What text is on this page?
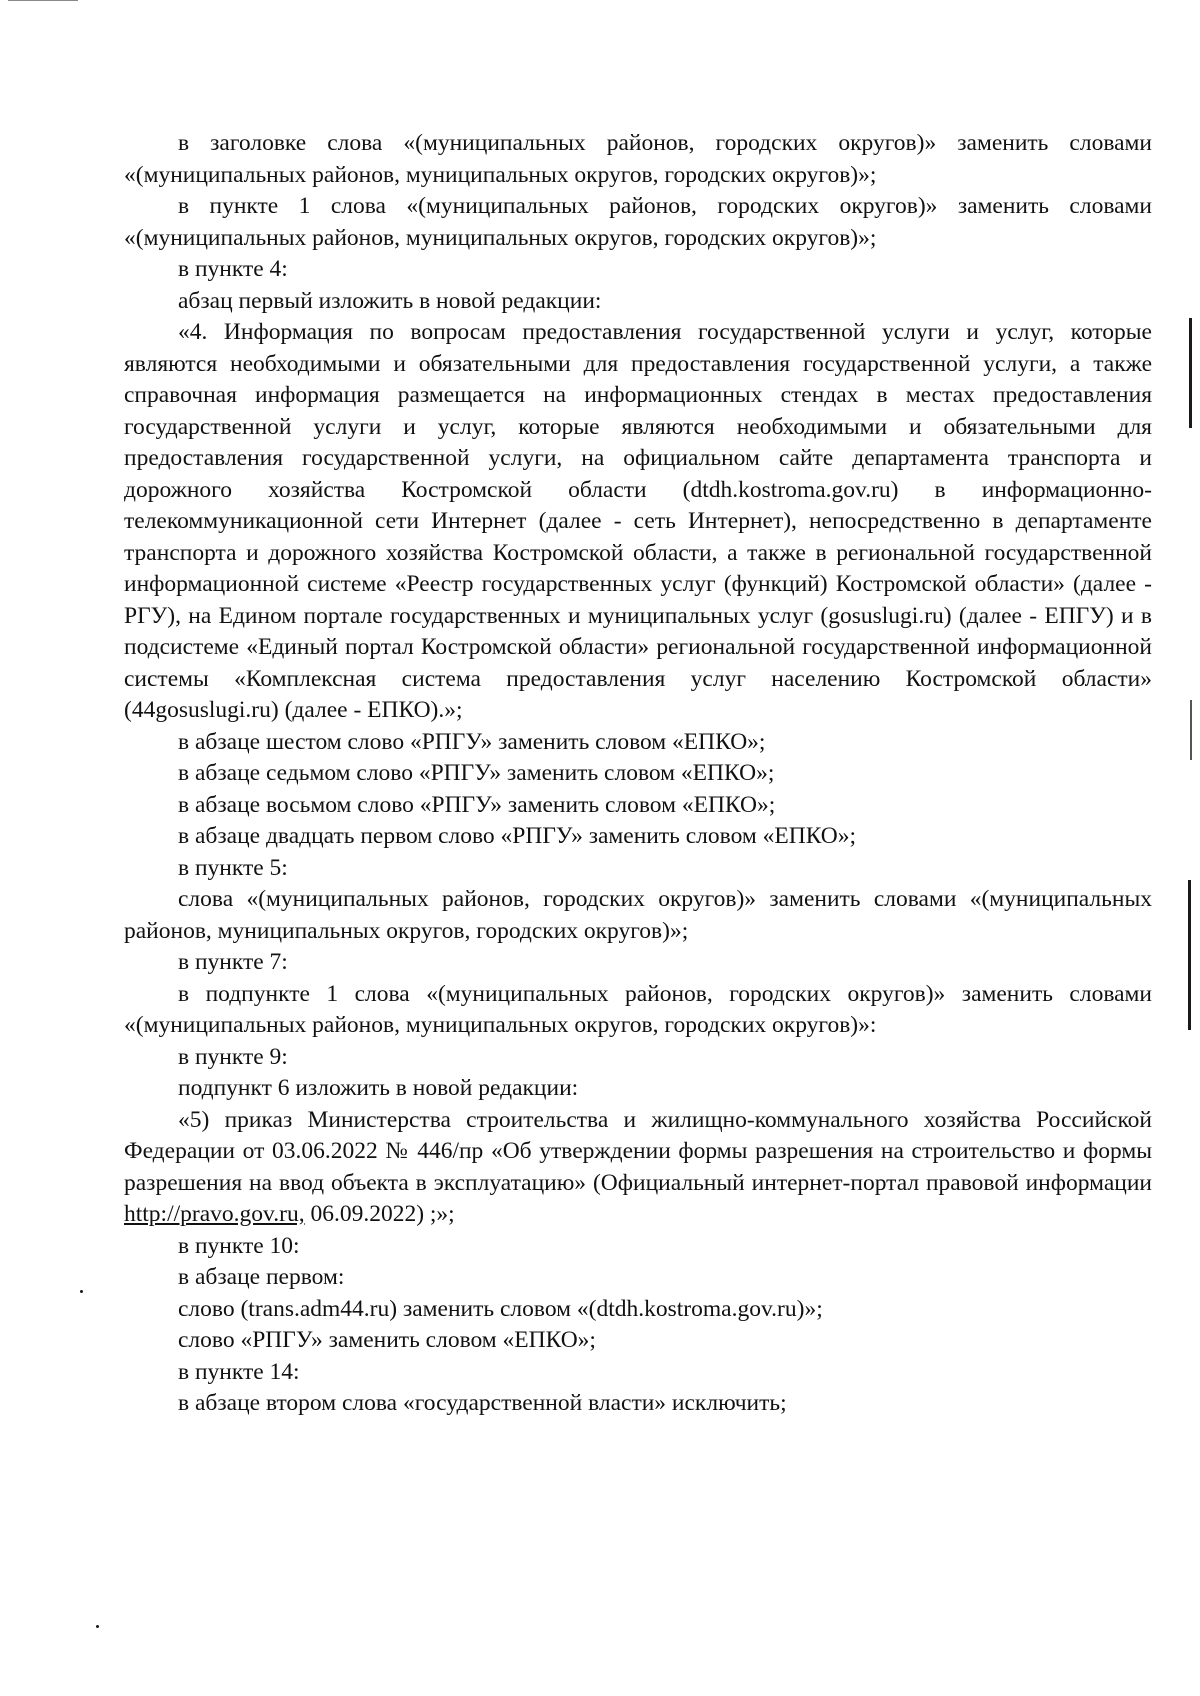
в заголовке слова «(муниципальных районов, городских округов)» заменить словами «(муниципальных районов, муниципальных округов, городских округов)»;

в пункте 1 слова «(муниципальных районов, городских округов)» заменить словами «(муниципальных районов, муниципальных округов, городских округов)»;

в пункте 4:

абзац первый изложить в новой редакции:

«4. Информация по вопросам предоставления государственной услуги и услуг, которые являются необходимыми и обязательными для предоставления государственной услуги, а также справочная информация размещается на информационных стендах в местах предоставления государственной услуги и услуг, которые являются необходимыми и обязательными для предоставления государственной услуги, на официальном сайте департамента транспорта и дорожного хозяйства Костромской области (dtdh.kostroma.gov.ru) в информационно-телекоммуникационной сети Интернет (далее - сеть Интернет), непосредственно в департаменте транспорта и дорожного хозяйства Костромской области, а также в региональной государственной информационной системе «Реестр государственных услуг (функций) Костромской области» (далее - РГУ), на Едином портале государственных и муниципальных услуг (gosuslugi.ru) (далее - ЕПГУ) и в подсистеме «Единый портал Костромской области» региональной государственной информационной системы «Комплексная система предоставления услуг населению Костромской области» (44gosuslugi.ru) (далее - ЕПКО).»;

в абзаце шестом слово «РПГУ» заменить словом «ЕПКО»;

в абзаце седьмом слово «РПГУ» заменить словом «ЕПКО»;

в абзаце восьмом слово «РПГУ» заменить словом «ЕПКО»;

в абзаце двадцать первом слово «РПГУ» заменить словом «ЕПКО»;

в пункте 5:

слова «(муниципальных районов, городских округов)» заменить словами «(муниципальных районов, муниципальных округов, городских округов)»;

в пункте 7:

в подпункте 1 слова «(муниципальных районов, городских округов)» заменить словами «(муниципальных районов, муниципальных округов, городских округов)»:

в пункте 9:

подпункт 6 изложить в новой редакции:

«5) приказ Министерства строительства и жилищно-коммунального хозяйства Российской Федерации от 03.06.2022 № 446/пр «Об утверждении формы разрешения на строительство и формы разрешения на ввод объекта в эксплуатацию» (Официальный интернет-портал правовой информации http://pravo.gov.ru, 06.09.2022) ;»;

в пункте 10:

в абзаце первом:

слово (trans.adm44.ru) заменить словом «(dtdh.kostroma.gov.ru)»;

слово «РПГУ» заменить словом «ЕПКО»;

в пункте 14:

в абзаце втором слова «государственной власти» исключить;
